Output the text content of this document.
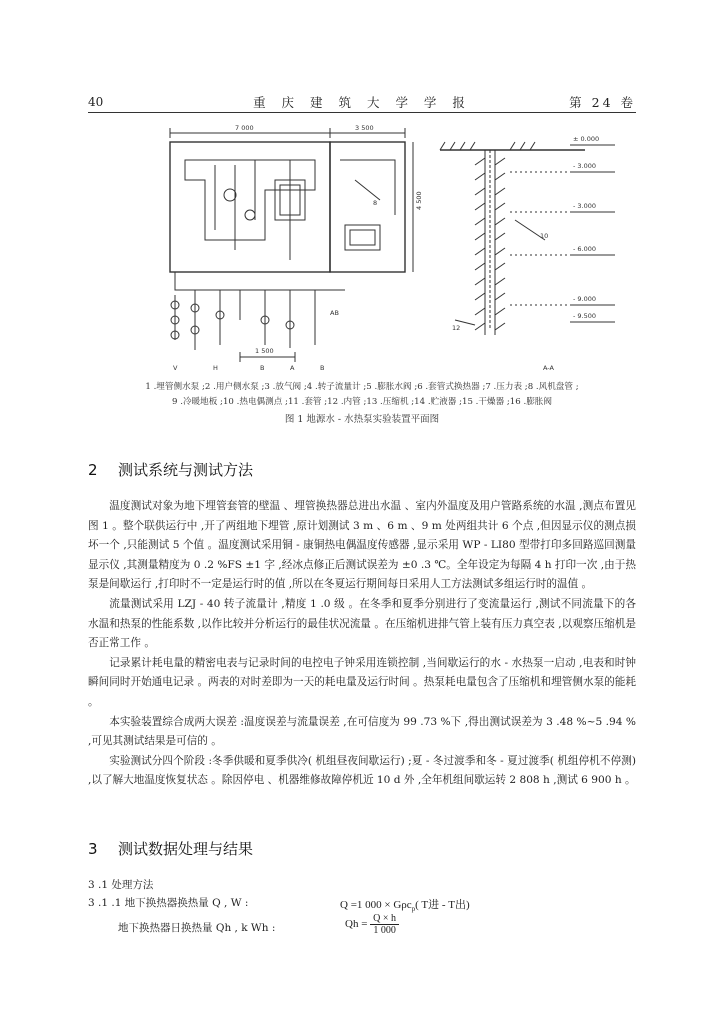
40	重 庆 建 筑 大 学 学 报	第 24 卷
7 000	3 500
1 500
4 500
± 0.000
- 3.000
- 3.000
- 6.000
- 9.000
- 9.500
8
10
12
A-A
AB
V	H	B	A	B
1 .埋管侧水泵 ;2 .用户侧水泵 ;3 .放气阀 ;4 .转子流量计 ;5 .膨胀水阀 ;6 .套管式换热器 ;7 .压力表 ;8 .风机盘管 ;
9 .冷暖地板 ;10 .热电偶测点 ;11 .套管 ;12 .内管 ;13 .压缩机 ;14 .贮液器 ;15 .干燥器 ;16 .膨胀阀
图 1 地源水 - 水热泵实验装置平面图
2 测试系统与测试方法

温度测试对象为地下埋管套管的壁温 、埋管换热器总进出水温 、室内外温度及用户管路系统的水温 ,测点布置见图 1 。整个联供运行中 ,开了两组地下埋管 ,原计划测试 3 m 、6 m 、9 m 处两组共计 6 个点 ,但因显示仪的测点损坏一个 ,只能测试 5 个值 。温度测试采用铜 - 康铜热电偶温度传感器 ,显示采用 WP - LI80 型带打印多回路巡回测量显示仪 ,其测量精度为 0 .2 %FS ±1 字 ,经冰点修正后测试误差为 ±0 .3 ℃。全年设定为每隔 4 h 打印一次 ,由于热泵是间歇运行 ,打印时不一定是运行时的值 ,所以在冬夏运行期间每日采用人工方法测试多组运行时的温值 。

流量测试采用 LZJ - 40 转子流量计 ,精度 1 .0 级 。在冬季和夏季分别进行了变流量运行 ,测试不同流量下的各水温和热泵的性能系数 ,以作比较并分析运行的最佳状况流量 。在压缩机进排气管上装有压力真空表 ,以观察压缩机是否正常工作 。

记录累计耗电量的精密电表与记录时间的电控电子钟采用连锁控制 ,当间歇运行的水 - 水热泵一启动 ,电表和时钟瞬间同时开始通电记录 。两表的对时差即为一天的耗电量及运行时间 。热泵耗电量包含了压缩机和埋管侧水泵的能耗 。

本实验装置综合成两大误差 :温度误差与流量误差 ,在可信度为 99 .73 %下 ,得出测试误差为 3 .48 %~5 .94 % ,可见其测试结果是可信的 。

实验测试分四个阶段 :冬季供暖和夏季供冷( 机组昼夜间歇运行) ;夏 - 冬过渡季和冬 - 夏过渡季( 机组停机不停测) ,以了解大地温度恢复状态 。除因停电 、机器维修故障停机近 10 d 外 ,全年机组间歇运转 2 808 h ,测试 6 900 h 。

3 测试数据处理与结果
3 .1 处理方法
3 .1 .1 地下换热器换热量 Q , W :	Q =1 000 × Gρc$_p$( T进 - T出)
地下换热器日换热量 Qh , k Wh :	$Qh = \frac{Q \times h}{1 000}$
